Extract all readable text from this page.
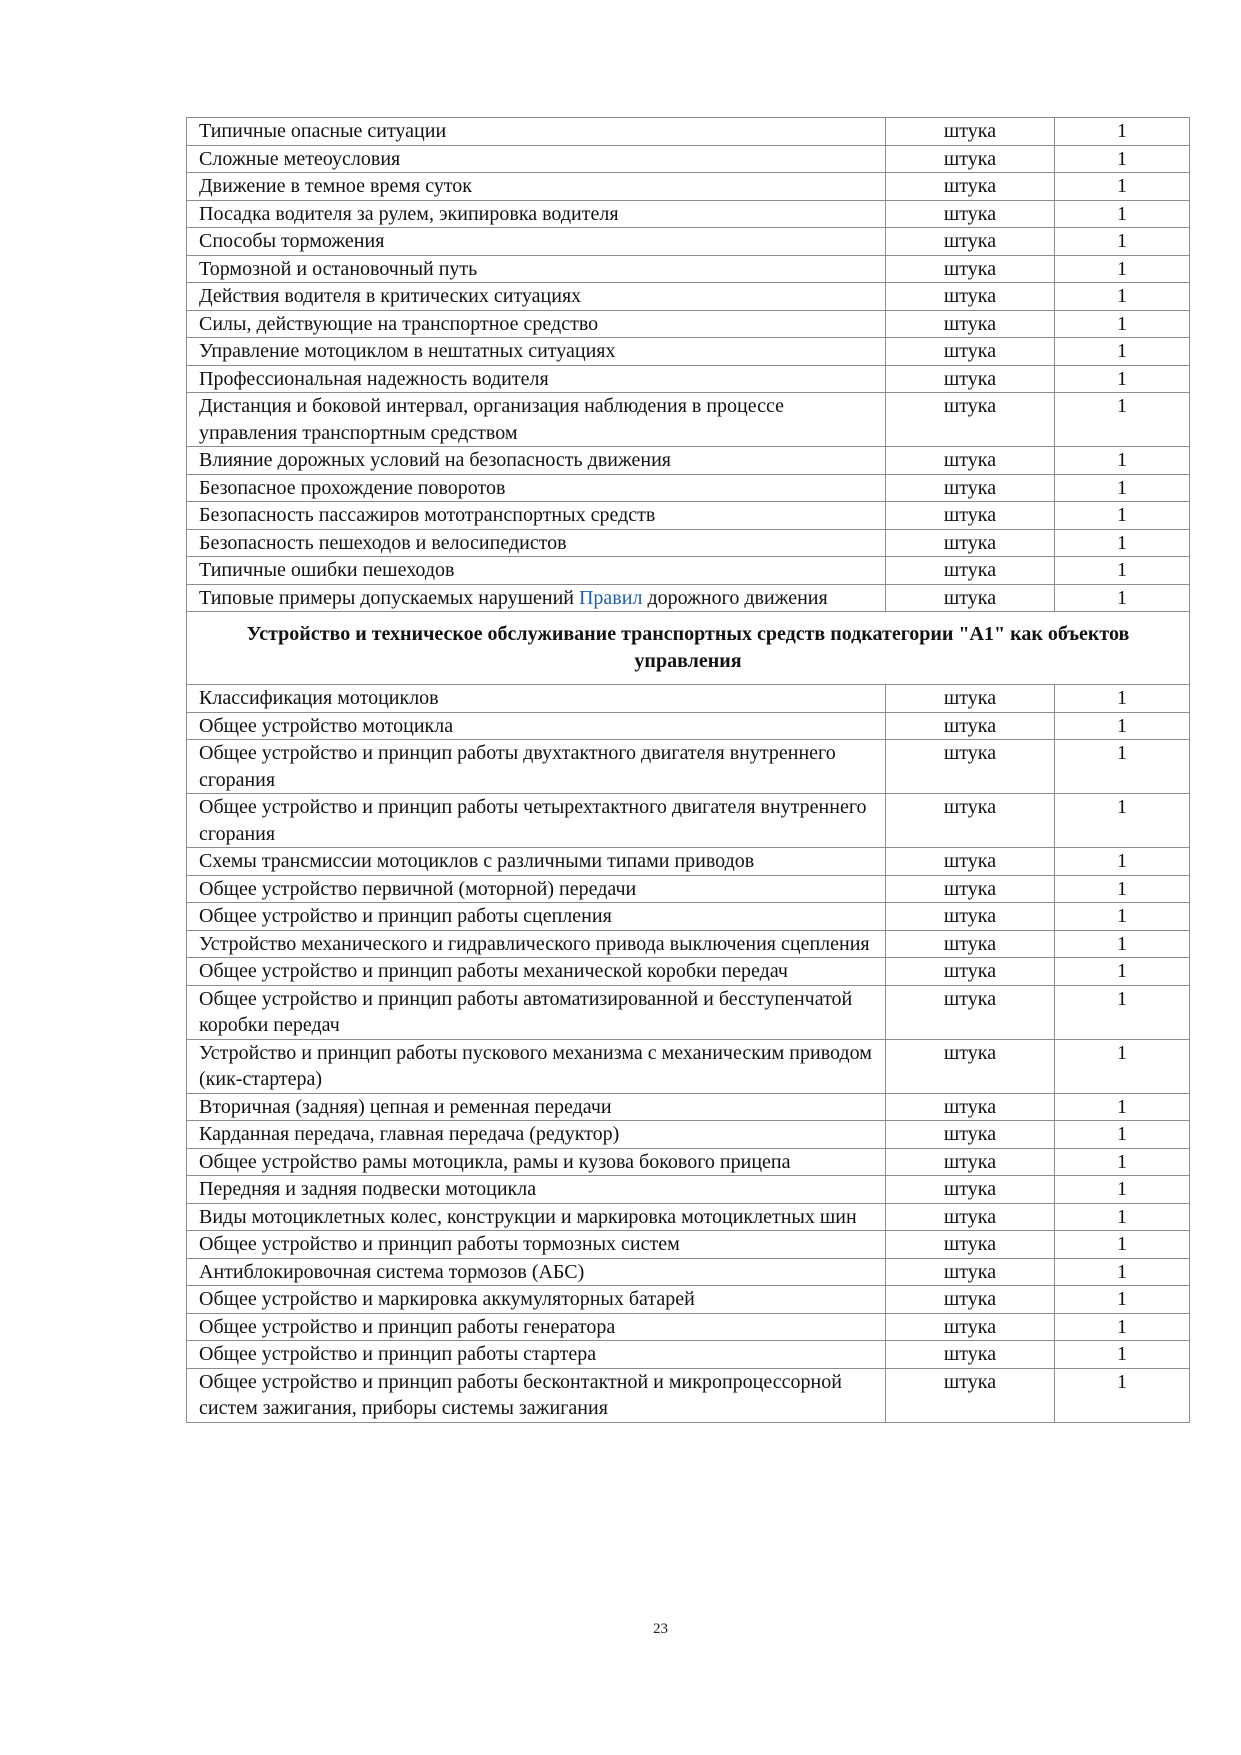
Типичные опасные ситуации	штука	1
Сложные метеоусловия	штука	1
Движение в темное время суток	штука	1
Посадка водителя за рулем, экипировка водителя	штука	1
Способы торможения	штука	1
Тормозной и остановочный путь	штука	1
Действия водителя в критических ситуациях	штука	1
Силы, действующие на транспортное средство	штука	1
Управление мотоциклом в нештатных ситуациях	штука	1
Профессиональная надежность водителя	штука	1
Дистанция и боковой интервал, организация наблюдения в процессе управления транспортным средством	штука	1
Влияние дорожных условий на безопасность движения	штука	1
Безопасное прохождение поворотов	штука	1
Безопасность пассажиров мототранспортных средств	штука	1
Безопасность пешеходов и велосипедистов	штука	1
Типичные ошибки пешеходов	штука	1
Типовые примеры допускаемых нарушений Правил дорожного движения	штука	1
Устройство и техническое обслуживание транспортных средств подкатегории "А1" как объектов управления		
Классификация мотоциклов	штука	1
Общее устройство мотоцикла	штука	1
Общее устройство и принцип работы двухтактного двигателя внутреннего сгорания	штука	1
Общее устройство и принцип работы четырехтактного двигателя внутреннего сгорания	штука	1
Схемы трансмиссии мотоциклов с различными типами приводов	штука	1
Общее устройство первичной (моторной) передачи	штука	1
Общее устройство и принцип работы сцепления	штука	1
Устройство механического и гидравлического привода выключения сцепления	штука	1
Общее устройство и принцип работы механической коробки передач	штука	1
Общее устройство и принцип работы автоматизированной и бесступенчатой коробки передач	штука	1
Устройство и принцип работы пускового механизма с механическим приводом (кик-стартера)	штука	1
Вторичная (задняя) цепная и ременная передачи	штука	1
Карданная передача, главная передача (редуктор)	штука	1
Общее устройство рамы мотоцикла, рамы и кузова бокового прицепа	штука	1
Передняя и задняя подвески мотоцикла	штука	1
Виды мотоциклетных колес, конструкции и маркировка мотоциклетных шин	штука	1
Общее устройство и принцип работы тормозных систем	штука	1
Антиблокировочная система тормозов (АБС)	штука	1
Общее устройство и маркировка аккумуляторных батарей	штука	1
Общее устройство и принцип работы генератора	штука	1
Общее устройство и принцип работы стартера	штука	1
Общее устройство и принцип работы бесконтактной и микропроцессорной систем зажигания, приборы системы зажигания	штука	1
23
